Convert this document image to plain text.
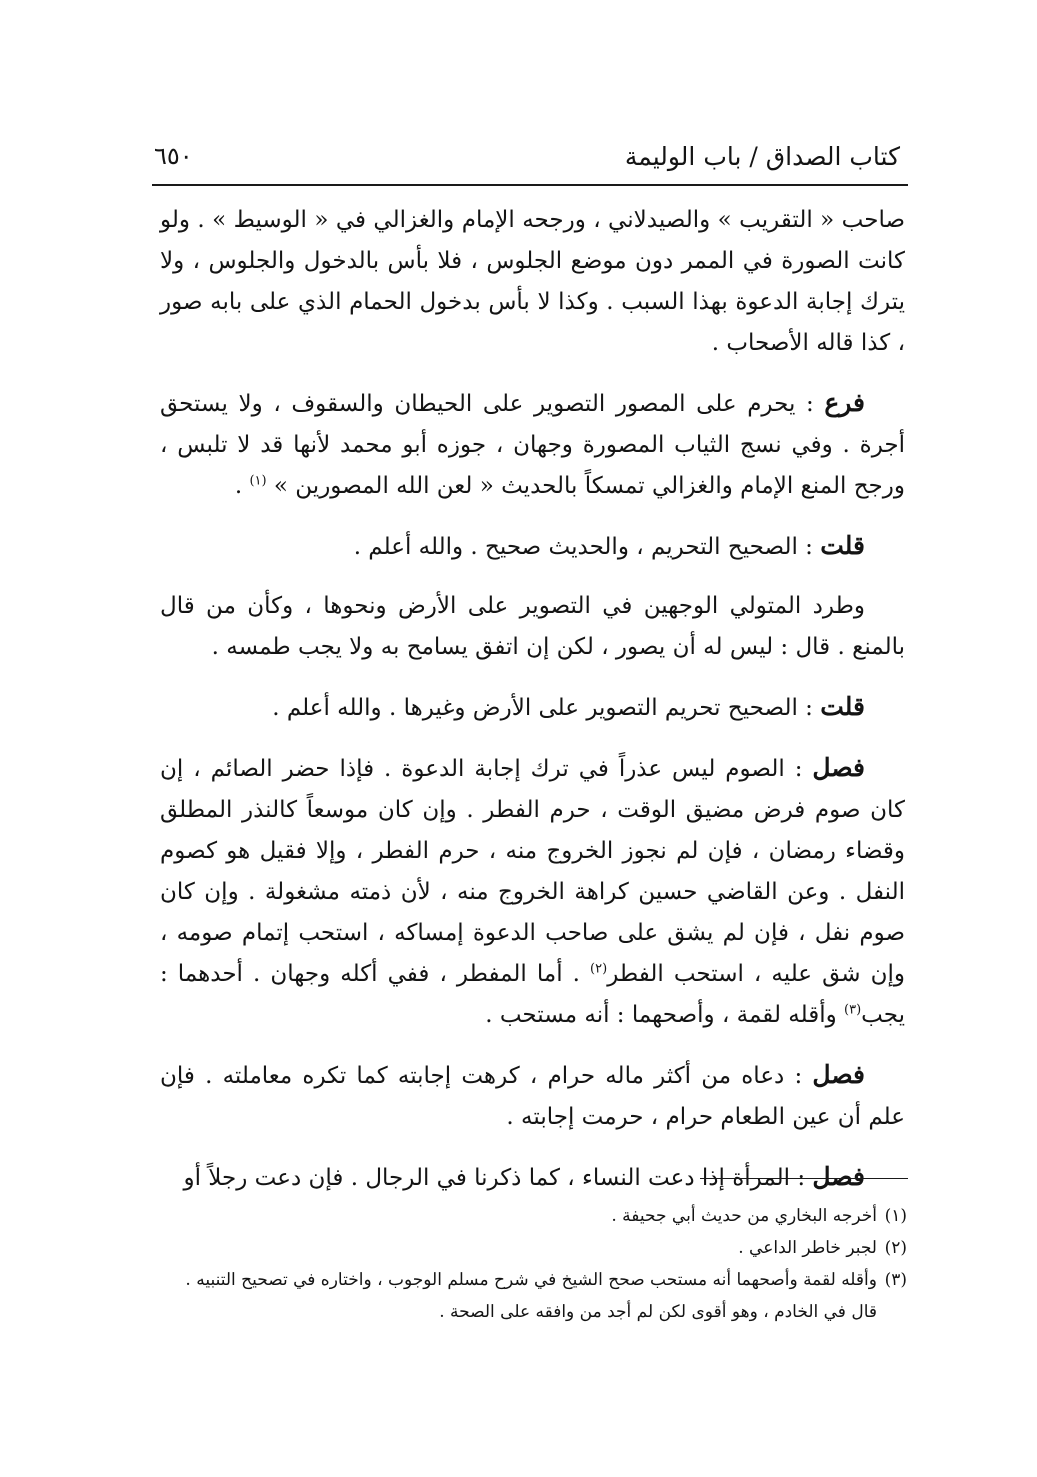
كتاب الصداق / باب الوليمة
٦٥٠

صاحب « التقريب » والصيدلاني ، ورجحه الإمام والغزالي في « الوسيط » . ولو كانت الصورة في الممر دون موضع الجلوس ، فلا بأس بالدخول والجلوس ، ولا يترك إجابة الدعوة بهذا السبب . وكذا لا بأس بدخول الحمام الذي على بابه صور ، كذا قاله الأصحاب .

فرع : يحرم على المصور التصوير على الحيطان والسقوف ، ولا يستحق أجرة . وفي نسج الثياب المصورة وجهان ، جوزه أبو محمد لأنها قد لا تلبس ، ورجح المنع الإمام والغزالي تمسكاً بالحديث « لعن الله المصورين » $^{(١)}$ .

قلت : الصحيح التحريم ، والحديث صحيح . والله أعلم .

وطرد المتولي الوجهين في التصوير على الأرض ونحوها ، وكأن من قال بالمنع . قال : ليس له أن يصور ، لكن إن اتفق يسامح به ولا يجب طمسه .

قلت : الصحيح تحريم التصوير على الأرض وغيرها . والله أعلم .

فصل : الصوم ليس عذراً في ترك إجابة الدعوة . فإذا حضر الصائم ، إن كان صوم فرض مضيق الوقت ، حرم الفطر . وإن كان موسعاً كالنذر المطلق وقضاء رمضان ، فإن لم نجوز الخروج منه ، حرم الفطر ، وإلا فقيل هو كصوم النفل . وعن القاضي حسين كراهة الخروج منه ، لأن ذمته مشغولة . وإن كان صوم نفل ، فإن لم يشق على صاحب الدعوة إمساكه ، استحب إتمام صومه ، وإن شق عليه ، استحب الفطر$^{(٢)}$ . أما المفطر ، ففي أكله وجهان . أحدهما : يجب$^{(٣)}$ وأقله لقمة ، وأصحهما : أنه مستحب .

فصل : دعاه من أكثر ماله حرام ، كرهت إجابته كما تكره معاملته . فإن علم أن عين الطعام حرام ، حرمت إجابته .

فصل : المرأة إذا دعت النساء ، كما ذكرنا في الرجال . فإن دعت رجلاً أو

(١)
أخرجه البخاري من حديث أبي جحيفة .

(٢)
لجبر خاطر الداعي .

(٣)
وأقله لقمة وأصحهما أنه مستحب صحح الشيخ في شرح مسلم الوجوب ، واختاره في تصحيح التنبيه . قال في الخادم ، وهو أقوى لكن لم أجد من وافقه على الصحة .
